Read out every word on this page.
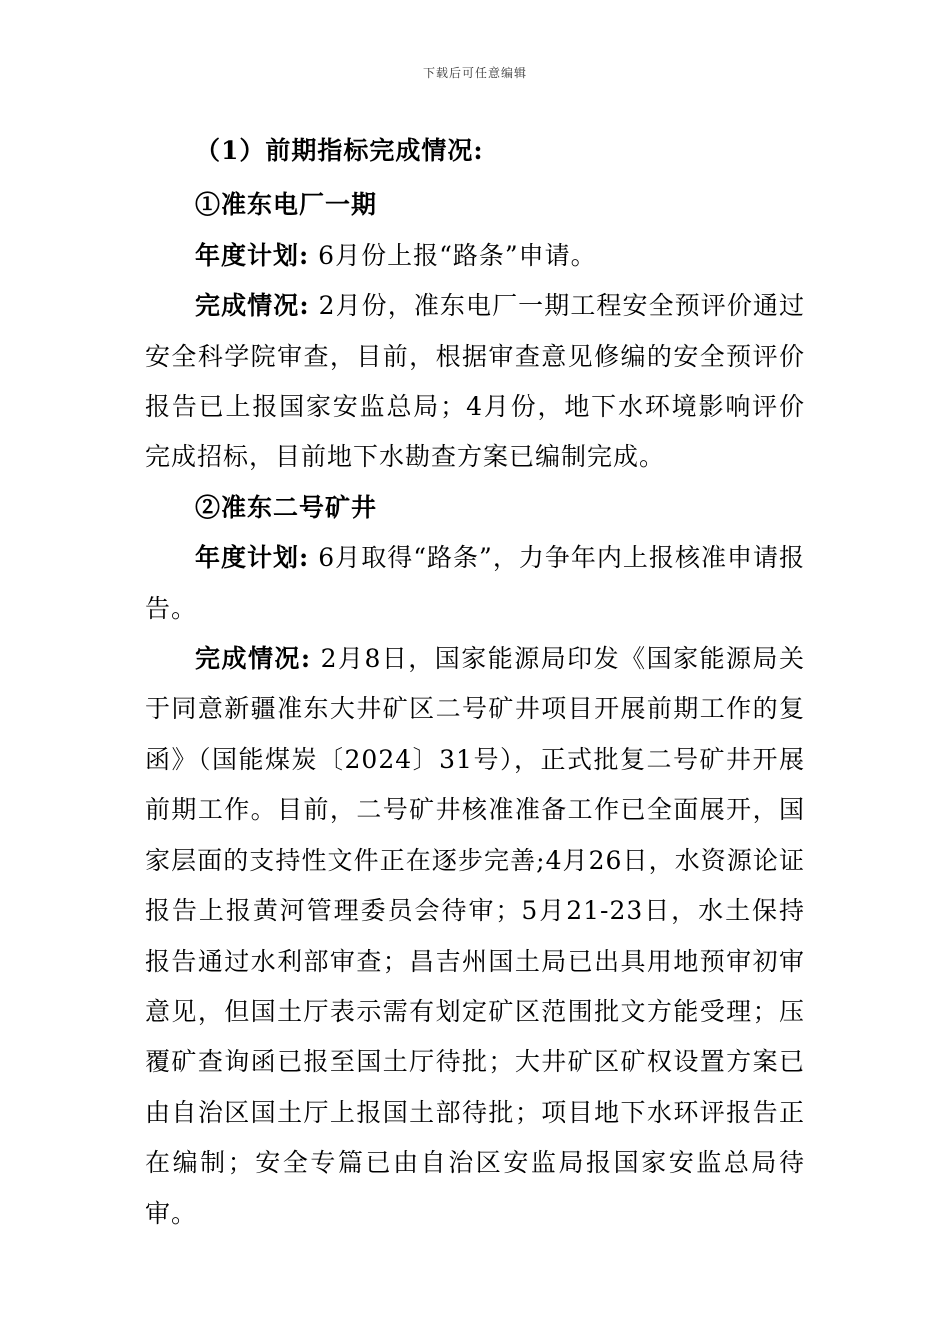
下载后可任意编辑

（1）前期指标完成情况:

①准东电厂一期

年度计划: 6月份上报“路条”申请。

完成情况: 2月份，准东电厂一期工程安全预评价通过安全科学院审查，目前，根据审查意见修编的安全预评价报告已上报国家安监总局；4月份，地下水环境影响评价完成招标，目前地下水勘查方案已编制完成。

②准东二号矿井

年度计划: 6月取得“路条”，力争年内上报核准申请报告。

完成情况: 2月8日，国家能源局印发《国家能源局关于同意新疆准东大井矿区二号矿井项目开展前期工作的复函》（国能煤炭〔2024〕31号），正式批复二号矿井开展前期工作。目前，二号矿井核准准备工作已全面展开，国家层面的支持性文件正在逐步完善;4月26日，水资源论证报告上报黄河管理委员会待审；5月21-23日，水土保持报告通过水利部审查；昌吉州国土局已出具用地预审初审意见，但国土厅表示需有划定矿区范围批文方能受理；压覆矿查询函已报至国土厅待批；大井矿区矿权设置方案已由自治区国土厅上报国土部待批；项目地下水环评报告正在编制；安全专篇已由自治区安监局报国家安监总局待审。
